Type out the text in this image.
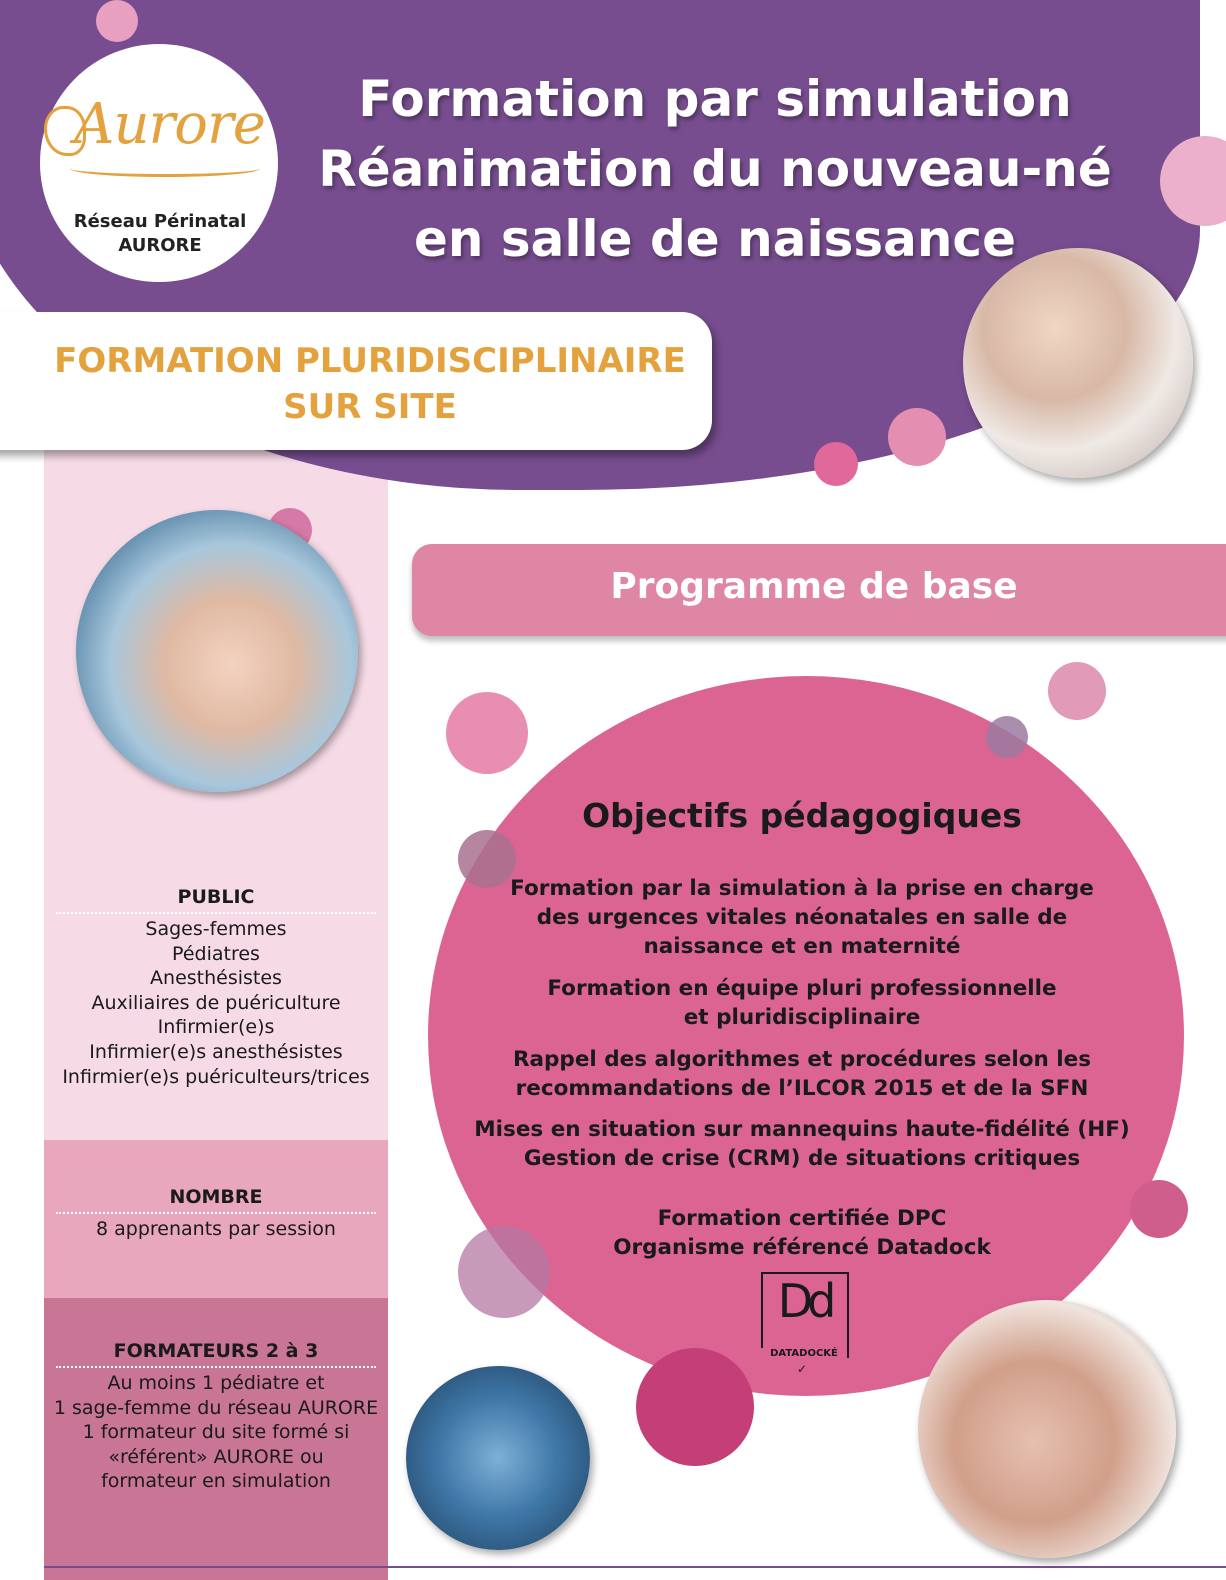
Aurore
Réseau Périnatal
AURORE
Formation par simulation
Réanimation du nouveau-né
en salle de naissance
FORMATION PLURIDISCIPLINAIRE
SUR SITE
Programme de base
Objectifs pédagogiques
Formation par la simulation à la prise en charge
des urgences vitales néonatales en salle de
naissance et en maternité
Formation en équipe pluri professionnelle
et pluridisciplinaire
Rappel des algorithmes et procédures selon les
recommandations de l’ILCOR 2015 et de la SFN
Mises en situation sur mannequins haute-fidélité (HF)
Gestion de crise (CRM) de situations critiques
Formation certifiée DPC
Organisme référencé Datadock
Dd
DATADOCKÉ
✓
PUBLIC
Sages-femmes
Pédiatres
Anesthésistes
Auxiliaires de puériculture
Infirmier(e)s
Infirmier(e)s anesthésistes
Infirmier(e)s puériculteurs/trices
NOMBRE
8 apprenants par session
FORMATEURS 2 à 3
Au moins 1 pédiatre et
1 sage-femme du réseau AURORE
1 formateur du site formé si
«référent» AURORE ou
formateur en simulation
